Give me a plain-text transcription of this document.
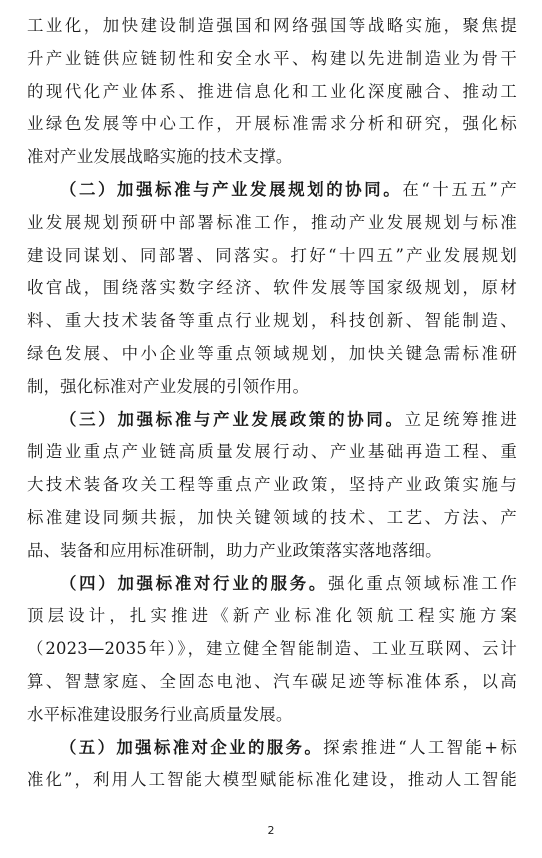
工业化，加快建设制造强国和网络强国等战略实施，聚焦提
升产业链供应链韧性和安全水平、构建以先进制造业为骨干
的现代化产业体系、推进信息化和工业化深度融合、推动工
业绿色发展等中心工作，开展标准需求分析和研究，强化标
准对产业发展战略实施的技术支撑。
（二）加强标准与产业发展规划的协同。在“十五五”产
业发展规划预研中部署标准工作，推动产业发展规划与标准
建设同谋划、同部署、同落实。打好“十四五”产业发展规划
收官战，围绕落实数字经济、软件发展等国家级规划，原材
料、重大技术装备等重点行业规划，科技创新、智能制造、
绿色发展、中小企业等重点领域规划，加快关键急需标准研
制，强化标准对产业发展的引领作用。
（三）加强标准与产业发展政策的协同。立足统筹推进
制造业重点产业链高质量发展行动、产业基础再造工程、重
大技术装备攻关工程等重点产业政策，坚持产业政策实施与
标准建设同频共振，加快关键领域的技术、工艺、方法、产
品、装备和应用标准研制，助力产业政策落实落地落细。
（四）加强标准对行业的服务。强化重点领域标准工作
顶层设计，扎实推进《新产业标准化领航工程实施方案
（2023—2035年）》，建立健全智能制造、工业互联网、云计
算、智慧家庭、全固态电池、汽车碳足迹等标准体系，以高
水平标准建设服务行业高质量发展。
（五）加强标准对企业的服务。探索推进“人工智能+标
准化”，利用人工智能大模型赋能标准化建设，推动人工智能
2
